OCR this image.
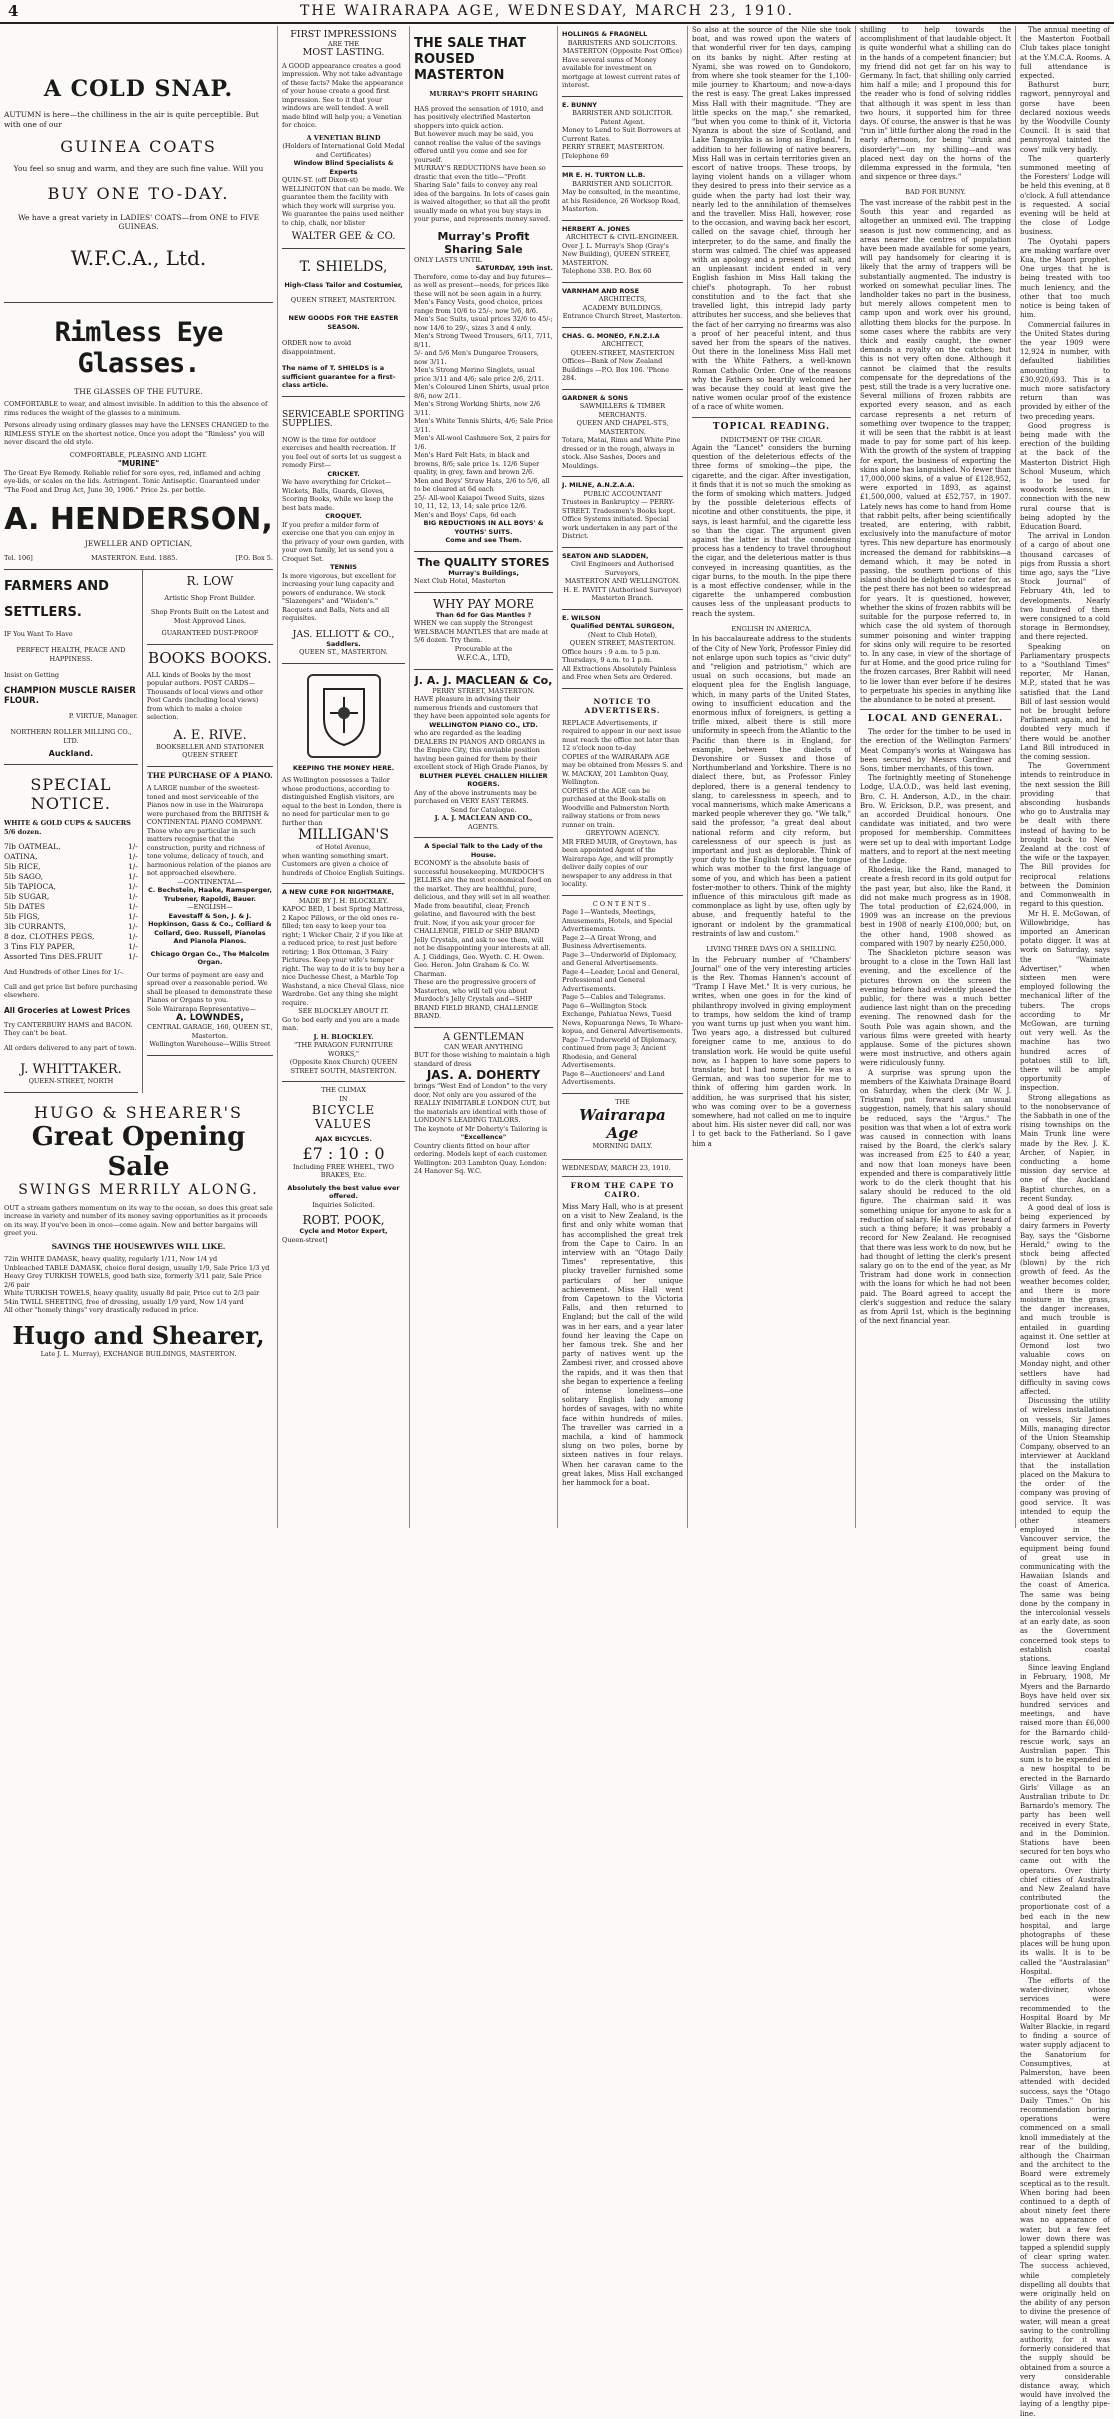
4	THE WAIRARAPA AGE, WEDNESDAY, MARCH 23, 1910.
A COLD SNAP.
AUTUMN is here—the chilliness in the air is quite perceptible. But with one of our
GUINEA COATS
You feel so snug and warm, and they are such fine value. Will you
BUY ONE TO-DAY.
We have a great variety in LADIES' COATS—from ONE to FIVE GUINEAS.
W.F.C.A., Ltd.
Rimless Eye Glasses.
THE GLASSES OF THE FUTURE.
COMFORTABLE to wear, and almost invisible. In addition to this the absence of rims reduces the weight of the glasses to a minimum.
Persons already using ordinary glasses may have the LENSES CHANGED to the RIMLESS STYLE on the shortest notice. Once you adopt the "Rimless" you will never discard the old style.
COMFORTABLE, PLEASING AND LIGHT.
"MURINE"
The Great Eye Remedy. Reliable relief for sore eyes, red, inflamed and aching eye-lids, or scales on the lids. Astringent. Tonic Antiseptic. Guaranteed under "The Food and Drug Act, June 30, 1906." Price 2s. per bottle.
A. HENDERSON,
JEWELLER AND OPTICIAN,
Tel. 106]	MASTERTON. Estd. 1885.	[P.O. Box 5.
FARMERS AND SETTLERS.
IF You Want To Have
PERFECT HEALTH, PEACE AND HAPPINESS.
Insist on Getting
CHAMPION MUSCLE RAISER FLOUR.
P. VIRTUE, Manager.
NORTHERN ROLLER MILLING CO., LTD.
Auckland.
SPECIAL NOTICE.
WHITE & GOLD CUPS & SAUCERS 5/6 dozen.
7lb OATMEAL,	1/-
OATINA,	1/-
5lb RICE,	1/-
5lb SAGO,	1/-
5lb TAPIOCA,	1/-
5lb SUGAR,	1/-
5lb DATES	1/-
5lb FIGS,	1/-
3lb CURRANTS,	1/-
8 doz. CLOTHES PEGS,	1/-
3 Tins FLY PAPER,	1/-
Assorted Tins DES.FRUIT	1/-
And Hundreds of other Lines for 1/-.
Call and get price list before purchasing elsewhere.
All Groceries at Lowest Prices
Try CANTERBURY HAMS and BACON. They can't be beat.
All orders delivered to any part of town.
J. WHITTAKER.
QUEEN-STREET, NORTH
R. LOW
Artistic Shop Front Builder.
Shop Fronts Built on the Latest and Most Approved Lines.
GUARANTEED DUST-PROOF
BOOKS BOOKS.
ALL kinds of Books by the most popular authors. POST CARDS—Thousands of local views and other Post Cards (including local views) from which to make a choice selection.
A. E. RIVE.
BOOKSELLER AND STATIONER
QUEEN STREET
THE PURCHASE OF A PIANO.
A LARGE number of the sweetest-toned and most serviceable of the Pianos now in use in the Wairarapa were purchased from the BRITISH & CONTINENTAL PIANO COMPANY. Those who are particular in such matters recognise that the construction, purity and richness of tone volume, delicacy of touch, and harmonious relation of the pianos are not approached elsewhere.
—CONTINENTAL—
C. Bechstein, Haake, Ramsperger, Trubener, Rapoldi, Bauer.
—ENGLISH—
Eavestaff & Son, J. & J. Hopkinson, Gass & Co., Colliard & Collard, Geo. Russell, Pianolas And Pianola Pianos.
Chicago Organ Co., The Malcolm Organ.
Our terms of payment are easy and spread over a reasonable period. We shall be pleased to demonstrate these Pianos or Organs to you.
Sole Wairarapa Representative—
A. LOWNDES,
CENTRAL GARAGE, 160, QUEEN ST., Masterton.
Wellington Warehouse—Willis Street
HUGO & SHEARER'S
Great Opening Sale
SWINGS MERRILY ALONG.
OUT a stream gathers momentum on its way to the ocean, so does this great sale increase in variety and number of its money saving opportunities as it proceeds on its way. If you've been in once—come again. New and better bargains will greet you.
SAVINGS THE HOUSEWIVES WILL LIKE.
72in WHITE DAMASK, heavy quality, regularly 1/11, Now 1/4 yd
Unbleached TABLE DAMASK, choice floral design, usually 1/9, Sale Price 1/3 yd
Heavy Grey TURKISH TOWELS, good bath size, formerly 3/11 pair, Sale Price 2/6 pair
White TURKISH TOWELS, heavy quality, usually 8d pair, Price cut to 2/3 pair
54in TWILL SHEETING, free of dressing, usually 1/9 yard, Now 1/4 yard
All other "homely things" very drastically reduced in price.
Hugo and Shearer,
Late J. L. Murray), EXCHANGE BUILDINGS, MASTERTON.
FIRST IMPRESSIONS
ARE THE
MOST LASTING.
A GOOD appearance creates a good impression. Why not take advantage of these facts? Make the appearance of your house create a good first impression. See to it that your windows are well tended. A well made blind will help you; a Venetian for choice.
A VENETIAN BLIND
(Holders of International Gold Medal and Certificates)
Window Blind Specialists & Experts
QUIN-ST. (off Dixon-st) WELLINGTON that can be made. We guarantee them the facility with which they work will surprise you. We guarantee the pains used neither to chip, chalk, nor blister
WALTER GEE & CO.
T. SHIELDS,
High-Class Tailor and Costumier,
QUEEN STREET, MASTERTON.
NEW GOODS FOR THE EASTER SEASON.
ORDER now to avoid disappointment.
The name of T. SHIELDS is a sufficient guarantee for a first-class article.
SERVICEABLE SPORTING SUPPLIES.
NOW is the time for outdoor exercises and health recreation. If you feel out of sorts let us suggest a remedy First—
CRICKET.
We have everything for Cricket—Wickets, Balls, Guards, Gloves, Scoring Books, while we keep the best bats made.
CROQUET.
If you prefer a milder form of exercise one that you can enjoy in the privacy of your own garden, with your own family, let us send you a Croquet Set.
TENNIS
Is more vigorous, but excellent for increasing your lung capacity and powers of endurance. We stock "Slazengers" and "Wisden's." Racquets and Balls, Nets and all requisites.
JAS. ELLIOTT & CO.,
Saddlers.
QUEEN ST., MASTERTON.
KEEPING THE MONEY HERE.
AS Wellington possesses a Tailor whose productions, according to distinguished English visitors, are equal to the best in London, there is no need for particular men to go further than
MILLIGAN'S
of Hotel Avenue,
when wanting something smart. Customers are given a choice of hundreds of Choice English Suitings.
A NEW CURE FOR NIGHTMARE,
MADE BY J. H. BLOCKLEY.
KAPOC BED, 1 best Spring Mattress, 2 Kapoc Pillows, or the old ones re-filled; ten easy to keep your tea right; 1 Wicker Chair, 2 if you like at a reduced price, to rest just before retiring; 1 Box Ottoman, 3 Fairy Pictures. Keep your wife's temper right. The way to do it is to buy her a nice Duchesse Chest, a Marble Top Washstand, a nice Cheval Glass, nice Wardrobe. Get any thing she might require.
SEE BLOCKLEY ABOUT IT.
Go to bed early and you are a made man.
J. H. BLOCKLEY.
"THE PARAGON FURNITURE WORKS,"
(Opposite Knox Church) QUEEN STREET SOUTH, MASTERTON.
THE CLIMAX
IN
BICYCLE VALUES
AJAX BICYCLES.
£7 : 10 : 0
Including FREE WHEEL, TWO BRAKES, Etc.
Absolutely the best value ever offered.
Inquiries Solicited.
ROBT. POOK,
Cycle and Motor Expert,
Queen-street]
THE SALE THAT ROUSED MASTERTON
MURRAY'S PROFIT SHARING
HAS proved the sensation of 1910, and has positively electrified Masterton shoppers into quick action.
But however much may be said, you cannot realise the value of the savings offered until you come and see for yourself.
MURRAY'S REDUCTIONS have been so drastic that even the title—"Profit Sharing Sale" fails to convey any real idea of the bargains. In lots of cases gain is waived altogether, so that all the profit usually made on what you buy stays in your purse, and represents money saved.
Murray's Profit Sharing Sale
ONLY LASTS UNTIL
SATURDAY, 19th inst.
Therefore, come to-day and buy futures—as well as present—needs, for prices like these will not be seen again in a hurry.
Men's Fancy Vests, good choice, prices range from 10/6 to 25/-; now 5/6, 8/6.
Men's Sac Suits, usual prices 32/6 to 45/-; now 14/6 to 29/-, sizes 3 and 4 only.
Men's Strong Tweed Trousers, 6/11, 7/11, 8/11.
5/- and 5/6 Men's Dungaree Trousers, now 3/11.
Men's Strong Merino Singlets, usual price 3/11 and 4/6; sale price 2/6, 2/11.
Men's Coloured Linen Shirts, usual price 8/6, now 2/11.
Men's Strong Working Shirts, now 2/6 3/11.
Men's White Tennis Shirts, 4/6; Sale Price 3/11.
Men's All-wool Cashmere Sox, 2 pairs for 1/6.
Men's Hard Felt Hats, in black and browns, 8/6; sale price 1s. 12/6 Super quality, in grey, fawn and brown 2/6.
Men and Boys' Straw Hats, 2/6 to 5/6, all to be cleared at 6d each
25/- All-wool Kaiapoi Tweed Suits, sizes 10, 11, 12, 13, 14; sale price 12/6.
Men's and Boys' Caps, 6d each
BIG REDUCTIONS IN ALL BOYS' & YOUTHS' SUITS.
Come and see Them.
The QUALITY STORES
Murray's Buildings,
Next Club Hotel, Masterton
WHY PAY MORE
Than 6d for Gas Mantles ?
WHEN we can supply the Strongest WELSBACH MANTLES that are made at 5/6 dozen. Try them.
Procurable at the
W.F.C.A., LTD,
J. A. J. MACLEAN & Co,
PERRY STREET, MASTERTON.
HAVE pleasure in advising their numerous friends and customers that they have been appointed sole agents for
WELLINGTON PIANO CO., LTD.
who are regarded as the leading DEALERS IN PIANOS AND ORGANS in the Empire City, this enviable position having been gained for them by their excellent stock of High Grade Pianos, by
BLUTHER PLEYEL CHALLEN HILLIER ROGERS.
Any of the above instruments may be purchased on VERY EASY TERMS.
Send for Catalogue.
J. A. J. MACLEAN AND CO.,
AGENTS.
A Special Talk to the Lady of the House.
ECONOMY is the absolute basis of successful housekeeping. MURDOCH'S JELLIES are the most economical food on the market. They are healthful, pure, delicious, and they will set in all weather. Made from beautiful, clear, French gelatine, and flavoured with the best fruit. Now, if you ask your grocer for CHALLENGE, FIELD or SHIP BRAND Jelly Crystals, and ask to see them, will not be disappointing your interests at all.
A. J. Giddings, Geo. Wyeth. C. H. Owen. Geo. Heron. John Graham & Co. W. Charman.
These are the progressive grocers of Masterton, who will tell you about Murdoch's Jelly Crystals and—SHIP BRAND FIELD BRAND, CHALLENGE BRAND.
A GENTLEMAN
CAN WEAR ANYTHING
BUT for those wishing to maintain a high standard of dress
JAS. A. DOHERTY
brings "West End of London" to the very door. Not only are you assured of the REALLY INIMITABLE LONDON CUT, but the materials are identical with those of LONDON'S LEADING TAILORS.
The keynote of Mr Doherty's Tailoring is
"Excellence"
Country clients fitted on hour after ordering. Models kept of each customer.
Wellington: 203 Lambton Quay. London: 24 Hanover Sq. W.C.
HOLLINGS & FRAGNELL
BARRISTERS AND SOLICITORS.
MASTERTON (Opposite Post Office)
Have several sums of Money available for investment on mortgage at lowest current rates of interest.
E. BUNNY
BARRISTER AND SOLICITOR.
Patent Agent.
Money to Lend to Suit Borrowers at Current Rates.
PERRY STREET, MASTERTON. [Telephone 69
MR E. H. TURTON LL.B.
BARRISTER AND SOLICITOR.
May be consulted, in the meantime, at his Residence, 26 Worksop Road, Masterton.
HERBERT A. JONES
ARCHITECT & CIVIL-ENGINEER.
Over J. L. Murray's Shop (Gray's New Building), QUEEN STREET, MASTERTON.
Telephone 338. P.O. Box 60
VARNHAM AND ROSE
ARCHITECTS,
ACADEMY BUILDINGS,
Entrance Church Street, Masterton.
CHAS. G. MONEO, F.N.Z.I.A
ARCHITECT,
QUEEN-STREET, MASTERTON
Offices—Bank of New Zealand Buildings —P.O. Box 106. 'Phone 284.
GARDNER & SONS
SAWMILLERS & TIMBER MERCHANTS.
QUEEN AND CHAPEL-STS, MASTERTON.
Totara, Matai, Rimu and White Pine dressed or in the rough, always in stock. Also Sashes, Doors and Mouldings.
J. MILNE, A.N.Z.A.A.
PUBLIC ACCOUNTANT
Trustees in Bankruptcy — PERRY-STREET. Tradesmen's Books kept. Office Systems initiated. Special work undertaken in any part of the District.
SEATON AND SLADDEN,
Civil Engineers and Authorised Surveyors,
MASTERTON AND WELLINGTON.
H. E. PAVITT (Authorised Surveyor) Masterton Branch.
E. WILSON
Qualified DENTAL SURGEON,
(Next to Club Hotel),
QUEEN STREET, MASTERTON.
Office hours : 9 a.m. to 5 p.m. Thursdays, 9 a.m. to 1 p.m.
All Extractions Absolutely Painless and Free when Sets are Ordered.
NOTICE TO ADVERTISERS.
REPLACE Advertisements, if required to appear in our next issue must reach the office not later than 12 o'clock noon to-day
COPIES of the WAIRARAPA AGE may be obtained from Messrs S. and W. MACKAY, 201 Lambton Quay, Wellington.
COPIES of the AGE can be purchased at the Book-stalls on Woodville and Palmerston North railway stations or from news runner on train.
GREYTOWN AGENCY.
MR FRED MUIR, of Greytown, has been appointed Agent of the Wairarapa Age, and will promptly deliver daily copies of our newspaper to any address in that locality.
CONTENTS.
Page 1—Wanteds, Meetings, Amusements, Hotels, and Special Advertisements.
Page 2—A Great Wrong, and Business Advertisements.
Page 3—Underworld of Diplomacy, and General Advertisements.
Page 4—Leader, Local and General, Professional and General Advertisements.
Page 5—Cables and Telegrams.
Page 6—Wellington Stock Exchange, Pahiatua News, Tuesd News, Kopuaranga News, Te Whare-kopua, and General Advertisements.
Page 7—Underworld of Diplomacy, continued from page 3; Ancient Rhodesia, and General Advertisements.
Page 8—Auctioneers' and Land Advertisements.
THE
Wairarapa Age
MORNING DAILY.
WEDNESDAY, MARCH 23, 1910.
FROM THE CAPE TO CAIRO.
Miss Mary Hall, who is at present on a visit to New Zealand, is the first and only white woman that has accomplished the great trek from the Cape to Cairo. In an interview with an "Otago Daily Times" representative, this plucky traveller furnished some particulars of her unique achievement. Miss Hall went from Capetown to the Victoria Falls, and then returned to England; but the call of the wild was in her ears, and a year later found her leaving the Cape on her famous trek. She and her party of natives went up the Zambesi river, and crossed above the rapids, and it was then that she began to experience a feeling of intense loneliness—one solitary English lady among hordes of savages, with no white face within hundreds of miles. The traveller was carried in a machila, a kind of hammock slung on two poles, borne by sixteen natives in four relays. When her caravan came to the great lakes, Miss Hall exchanged her hammock for a boat.
So also at the source of the Nile she took boat, and was rowed upon the waters of that wonderful river for ten days, camping on its banks by night. After resting at Nyami, she was rowed on to Gondokoro, from where she took steamer for the 1,100-mile journey to Khartoum; and now-a-days the rest is easy. The great Lakes impressed Miss Hall with their magnitude. "They are little specks on the map," she remarked, "but when you come to think of it, Victoria Nyanza is about the size of Scotland, and Lake Tanganyika is as long as England." In addition to her following of native bearers, Miss Hall was in certain territories given an escort of native troops. These troops, by laying violent hands on a villager whom they desired to press into their service as a guide when the party had lost their way, nearly led to the annihilation of themselves and the traveller. Miss Hall, however, rose to the occasion, and waving back her escort, called on the savage chief, through her interpreter, to do the same, and finally the storm was calmed. The chief was appeased with an apology and a present of salt, and an unpleasant incident ended in very English fashion in Miss Hall taking the chief's photograph. To her robust constitution and to the fact that she travelled light, this intrepid lady party attributes her success, and she believes that the fact of her carrying no firearms was also a proof of her peaceful intent, and thus saved her from the spears of the natives. Out there in the loneliness Miss Hall met with the White Fathers, a well-known Roman Catholic Order. One of the reasons why the Fathers so heartily welcomed her was because they could at least give the native women ocular proof of the existence of a race of white women.
TOPICAL READING.
INDICTMENT OF THE CIGAR.
Again the "Lancet" considers the burning question of the deleterious effects of the three forms of smoking—the pipe, the cigarette, and the cigar. After investigation, it finds that it is not so much the smoking as the form of smoking which matters. Judged by the possible deleterious effects of nicotine and other constituents, the pipe, it says, is least harmful, and the cigarette less so than the cigar. The argument given against the latter is that the condensing process has a tendency to travel throughout the cigar, and the deleterious matter is thus conveyed in increasing quantities, as the cigar burns, to the mouth. In the pipe there is a most effective condenser, while in the cigarette the unhampered combustion causes less of the unpleasant products to reach the system.
ENGLISH IN AMERICA.
In his baccalaureate address to the students of the City of New York, Professor Finley did not enlarge upon such topics as "civic duty" and "religion and patriotism," which are usual on such occasions, but made an eloquent plea for the English language, which, in many parts of the United States, owing to insufficient education and the enormous influx of foreigners, is getting a trifle mixed, albeit there is still more uniformity in speech from the Atlantic to the Pacific than there is in England, for example, between the dialects of Devonshire or Sussex and those of Northumberland and Yorkshire. There is no dialect there, but, as Professor Finley deplored, there is a general tendency to slang, to carelessness in speech, and to vocal mannerisms, which make Americans a marked people wherever they go. "We talk," said the professor, "a great deal about national reform and city reform, but carelessness of our speech is just as important and just as deplorable. Think of your duty to the English tongue, the tongue which was mother to the first language of some of you, and which has been a patient foster-mother to others. Think of the mighty influence of this miraculous gift made as commonplace as light by use, often ugly by abuse, and frequently hateful to the ignorant or indolent by the grammatical restraints of law and custom."
LIVING THREE DAYS ON A SHILLING.
In the February number of "Chambers' Journal" one of the very interesting articles is the Rev. Thomas Hannen's account of "Tramp I Have Met." It is very curious, he writes, when one goes in for the kind of philanthropy involved in giving employment to tramps, how seldom the kind of tramp you want turns up just when you want him. Two years ago, a distressed but cultured foreigner came to me, anxious to do translation work. He would be quite useful now, as I happen to have some papers to translate; but I had none then. He was a German, and was too superior for me to think of offering him garden work. In addition, he was surprised that his sister, who was coming over to be a governess somewhere, had not called on me to inquire about him. His sister never did call, nor was I to get back to the Fatherland. So I gave him a
shilling to help towards the accomplishment of that laudable object. It is quite wonderful what a shilling can do in the hands of a competent financier; but my friend did not get far on his way to Germany. In fact, that shilling only carried him half a mile; and I propound this for the reader who is fond of solving riddles that although it was spent in less than two hours, it supported him for three days. Of course, the answer is that he was "run in" little further along the road in the early afternoon, for being "drunk and disorderly"—on my shilling—and was placed next day on the horns of the dilemma expressed in the formula, "ten and sixpence or three days."
BAD FOR BUNNY.
The vast increase of the rabbit pest in the South this year and regarded as altogether an unmixed evil. The trapping season is just now commencing, and as areas nearer the centres of population have been made available for some years, will pay handsomely for clearing it is likely that the army of trappers will be substantially augmented. The industry is worked on somewhat peculiar lines. The landholder takes no part in the business, but merely allows competent men to camp upon and work over his ground, allotting them blocks for the purpose. In some cases where the rabbits are very thick and easily caught, the owner demands a royalty on the catches; but this is not very often done. Although it cannot be claimed that the results compensate for the depredations of the pest, still the trade is a very lucrative one. Several millions of frozen rabbits are exported every season, and as each carcase represents a net return of something over twopence to the trapper, it will be seen that the rabbit is at least made to pay for some part of his keep. With the growth of the system of trapping for export, the business of exporting the skins alone has languished. No fewer than 17,000,000 skins, of a value of £128,952, were exported in 1893, as against £1,500,000, valued at £52,757, in 1907. Lately news has come to hand from Home that rabbit pelts, after being scientifically treated, are entering, with rabbit, exclusively into the manufacture of motor tyres. This new departure has enormously increased the demand for rabbitskins—a demand which, it may be noted in passing, the southern portions of this island should be delighted to cater for, as the pest there has not been so widespread for years. It is questioned, however, whether the skins of frozen rabbits will be suitable for the purpose referred to, in which case the old system of thorough summer poisoning and winter trapping for skins only will require to be resorted to. In any case, in view of the shortage of fur at Home, and the good price ruling for the frozen carcases, Brer Rabbit will need to lie lower than ever before if he desires to perpetuate his species in anything like the abundance to be noted at present.
LOCAL AND GENERAL.
The order for the timber to be used in the erection of the Wellington Farmers' Meat Company's works at Waingawa has been secured by Messrs Gardner and Sons, timber merchants, of this town.
The fortnightly meeting of Stonehenge Lodge, U.A.O.D., was held last evening, Bro. C. H. Anderson, A.D., in the chair. Bro. W. Erickson, D.P., was present, and an accorded Druidical honours. One candidate was initiated, and two were proposed for membership. Committees were set up to deal with important Lodge matters, and to report at the next meeting of the Lodge.
Rhodesia, like the Rand, managed to create a fresh record in its gold output for the past year, but also, like the Rand, it did not make much progress as in 1908. The total production of £2,624,000, in 1909 was an increase on the previous best in 1908 of nearly £100,000; but, on the other hand, 1908 showed as compared with 1907 by nearly £250,000.
The Shackleton picture season was brought to a close in the Town Hall last evening, and the excellence of the pictures thrown on the screen the evening before had evidently pleased the public, for there was a much better audience last night than on the preceding evening. The renowned dash for the South Pole was again shown, and the various films were greeted with hearty applause. Some of the pictures shown were most instructive, and others again were ridiculously funny.
A surprise was sprung upon the members of the Kaiwhata Drainage Board on Saturday, when the clerk (Mr W. J. Tristram) put forward an unusual suggestion, namely, that his salary should be reduced, says the "Argus." The position was that when a lot of extra work was caused in connection with loans raised by the Board, the clerk's salary was increased from £25 to £40 a year, and now that loan moneys have been expended and there is comparatively little work to do the clerk thought that his salary should be reduced to the old figure. The chairman said it was something unique for anyone to ask for a reduction of salary. He had never heard of such a thing before; it was probably a record for New Zealand. He recognised that there was less work to do now, but he had thought of letting the clerk's present salary go on to the end of the year, as Mr Tristram had done work in connection with the loans for which he had not been paid. The Board agreed to accept the clerk's suggestion and reduce the salary as from April 1st, which is the beginning of the next financial year.
The annual meeting of the Masterton Football Club takes place tonight at the Y.M.C.A. Rooms. A full attendance is expected.
Bathurst burr, ragwort, pennyroyal and gorse have been declared noxious weeds by the Woodville County Council. It is said that pennyroyal tainted the cows' milk very badly.
The quarterly summoned meeting of the Foresters' Lodge will be held this evening, at 8 o'clock. A full attendance is requested. A social evening will be held at the close of Lodge business.
The Oyotahi papers are making warfare over Kua, the Maori prophet. One urges that he is being treated with too much leniency, and the other that too much notice is being taken of him.
Commercial failures in the United States during the year 1909 were 12,924 in number, with defaulted liabilities amounting to £30,920,693. This is a much more satisfactory return than was provided by either of the two preceding years.
Good progress is being made with the erection of the building at the back of the Masterton District High School Museum, which is to be used for woodwork lessons, in connection with the new rural course that is being adopted by the Education Board.
The arrival in London of a cargo of about one thousand carcases of pigs from Russia a short time ago, says the "Live Stock Journal" of February 4th, led to developments. Nearly two hundred of them were consigned to a cold storage in Bermondsey, and there rejected.
Speaking on Parliamentary prospects to a "Southland Times" reporter, Mr Hanan, M.P., stated that he was satisfied that the Land Bill of last session would not be brought before Parliament again, and he doubted very much if there would be another Land Bill introduced in the coming session.
The Government intends to reintroduce in the next session the Bill providing that absconding husbands who go to Australia may be dealt with there instead of having to be brought back to New Zealand at the cost of the wife or the taxpayer. The Bill provides for reciprocal relations between the Dominion and Commonwealth in regard to this question.
Mr H. E. McGowan, of Willowbridge, has imported an American potato digger. It was at work on Saturday, says the "Waimate Advertiser," when sixteen men were employed following the mechanical lifter of the tubers. The crops according to Mr McGowan, are turning out very well. As the machine has two hundred acres of potatoes still to lift, there will be ample opportunity of inspection.
Strong allegations as to the nonobservance of the Sabbath in one of the rising townships on the Main Trunk line were made by the Rev. J. K. Archer, of Napier, in conducting a home mission day service at one of the Auckland Baptist churches, on a recent Sunday.
A good deal of loss is being experienced by dairy farmers in Poverty Bay, says the "Gisborne Herald," owing to the stock being affected (blown) by the rich growth of feed. As the weather becomes colder, and there is more moisture in the grass, the danger increases, and much trouble is entailed in guarding against it. One settler at Ormond lost two valuable cows on Monday night, and other settlers have had difficulty in saving cows affected.
Discussing the utility of wireless installations on vessels, Sir James Mills, managing director of the Union Steamship Company, observed to an interviewer at Auckland that the installation placed on the Makura to the order of the company was proving of good service. It was intended to equip the other steamers employed in the Vancouver service, the equipment being found of great use in communicating with the Hawaiian Islands and the coast of America. The same was being done by the company in the intercolonial vessels at an early date, as soon as the Government concerned took steps to establish coastal stations.
Since leaving England in February, 1908, Mr Myers and the Barnardo Boys have held over six hundred services and meetings, and have raised more than £6,000 for the Barnardo child-rescue work, says an Australian paper. This sum is to be expended in a new hospital to be erected in the Barnardo Girls' Village as an Australian tribute to Dr. Barnardo's memory. The party has been well received in every State, and in the Dominion. Stations have been secured for ten boys who came out with the operators. Over thirty chief cities of Australia and New Zealand have contributed the proportionate cost of a bed each in the new hospital, and large photographs of these places will be hung upon its walls. It is to be called the "Australasian" Hospital.
The efforts of the water-diviner, whose services were recommended to the Hospital Board by Mr Walter Blackie, in regard to finding a source of water supply adjacent to the Sanatorium for Consumptives, at Palmerston, have been attended with decided success, says the "Otago Daily Times." On his recommendation boring operations were commenced on a small knoll immediately at the rear of the building, although the Chairman and the architect to the Board were extremely sceptical as to the result. When boring had been continued to a depth of about ninety feet there was no appearance of water, but a few feet lower down there was tapped a splendid supply of clear spring water. The success achieved, while completely dispelling all doubts that were originally held on the ability of any person to divine the presence of water, will mean a great saving to the controlling authority, for it was formerly considered that the supply should be obtained from a source a very considerable distance away, which would have involved the laying of a lengthy pipe-line.
